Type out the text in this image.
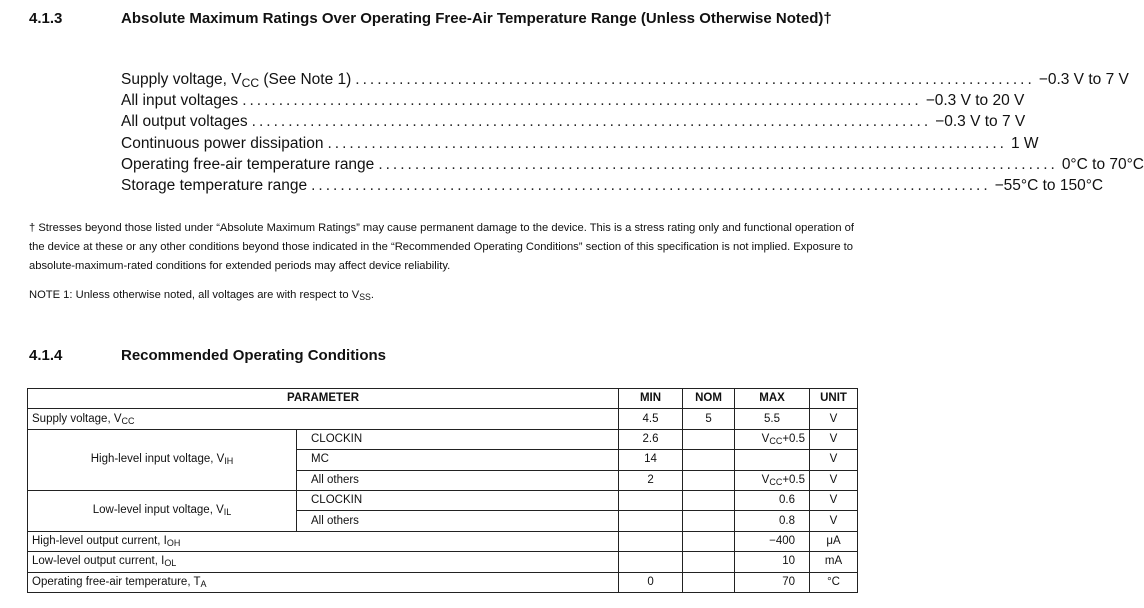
4.1.3	Absolute Maximum Ratings Over Operating Free-Air Temperature Range (Unless Otherwise Noted)†
Supply voltage, $V_{CC}$ (See Note 1) ............................................................................................. −0.3 V to 7 V
All input voltages ............................................................................................. −0.3 V to 20 V
All output voltages ............................................................................................. −0.3 V to 7 V
Continuous power dissipation ............................................................................................. 1 W
Operating free-air temperature range ............................................................................................. 0°C to 70°C
Storage temperature range ............................................................................................. −55°C to 150°C
† Stresses beyond those listed under “Absolute Maximum Ratings” may cause permanent damage to the device. This is a stress rating only and functional operation of the device at these or any other conditions beyond those indicated in the “Recommended Operating Conditions” section of this specification is not implied. Exposure to absolute-maximum-rated conditions for extended periods may affect device reliability.
NOTE 1: Unless otherwise noted, all voltages are with respect to $V_{SS}$.
4.1.4	Recommended Operating Conditions
PARAMETER		MIN	NOM	MAX	UNIT
Supply voltage, $V_{CC}$		4.5	5	5.5	V
High-level input voltage, $V_{IH}$	CLOCKIN	2.6		$V_{CC}+0.5$	V
	MC	14			V
	All others	2		$V_{CC}+0.5$	V
Low-level input voltage, $V_{IL}$	CLOCKIN			0.6	V
	All others			0.8	V
High-level output current, $I_{OH}$				−400	μA
Low-level output current, $I_{OL}$				10	mA
Operating free-air temperature, $T_A$		0		70	°C
